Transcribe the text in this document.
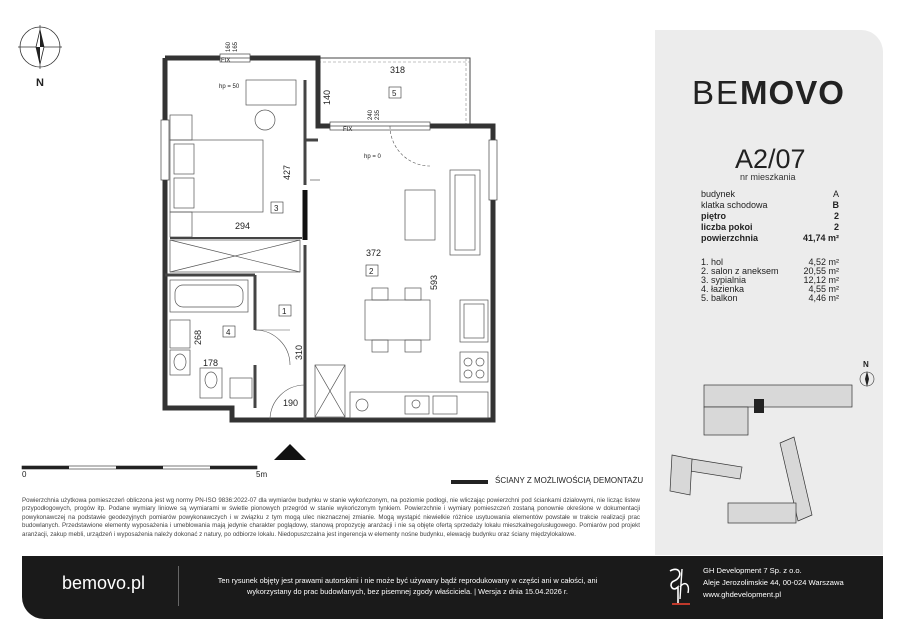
N
318
140
427
294
372
593
268
178
310
190
160 165
240 235
FIX
FIX
hp = 50
hp = 0
1
2
3
4
5
0	5m
ŚCIANY Z MOŻLIWOŚCIĄ DEMONTAŻU
Powierzchnia użytkowa pomieszczeń obliczona jest wg normy PN-ISO 9836:2022-07 dla wymiarów budynku w stanie wykończonym, na poziomie podłogi, nie wliczając powierzchni pod ściankami działowymi, nie licząc listew przypodłogowych, progów itp. Podane wymiary liniowe są wymiarami w świetle pionowych przegród w stanie wykończonym tynkiem. Powierzchnie i wymiary pomieszczeń zostaną ponownie określone w dokumentacji powykonawczej na podstawie geodezyjnych pomiarów powykonawczych i w związku z tym mogą ulec nieznacznej zmianie. Mogą wystąpić niewielkie różnice usytuowania elementów powstałe w trakcie realizacji prac budowlanych. Przedstawione elementy wyposażenia i umeblowania mają jedynie charakter poglądowy, stanową propozycję aranżacji i nie są objęte ofertą sprzedaży lokalu mieszkalnego/usługowego. Pomiarów pod projekt aranżacji, zakup mebli, urządzeń i wyposażenia należy dokonać z natury, po odbiorze lokalu. Niedopuszczalna jest ingerencja w elementy nośne budynku, elewację budynku oraz ściany międzylokalowe.
BEMOVO
A2/07
nr mieszkania
budynek	A
klatka schodowa	B
piętro	2
liczba pokoi	2
powierzchnia	41,74 m²
1. hol	4,52 m²
2. salon z aneksem	20,55 m²
3. sypialnia	12,12 m²
4. łazienka	4,55 m²
5. balkon	4,46 m²
N
bemovo.pl	Ten rysunek objęty jest prawami autorskimi i nie może być używany bądź reprodukowany w części ani w całości, ani wykorzystany do prac budowlanych, bez pisemnej zgody właściciela. | Wersja z dnia 15.04.2026 r.
GH Development 7 Sp. z o.o.
Aleje Jerozolimskie 44, 00-024 Warszawa
www.ghdevelopment.pl
